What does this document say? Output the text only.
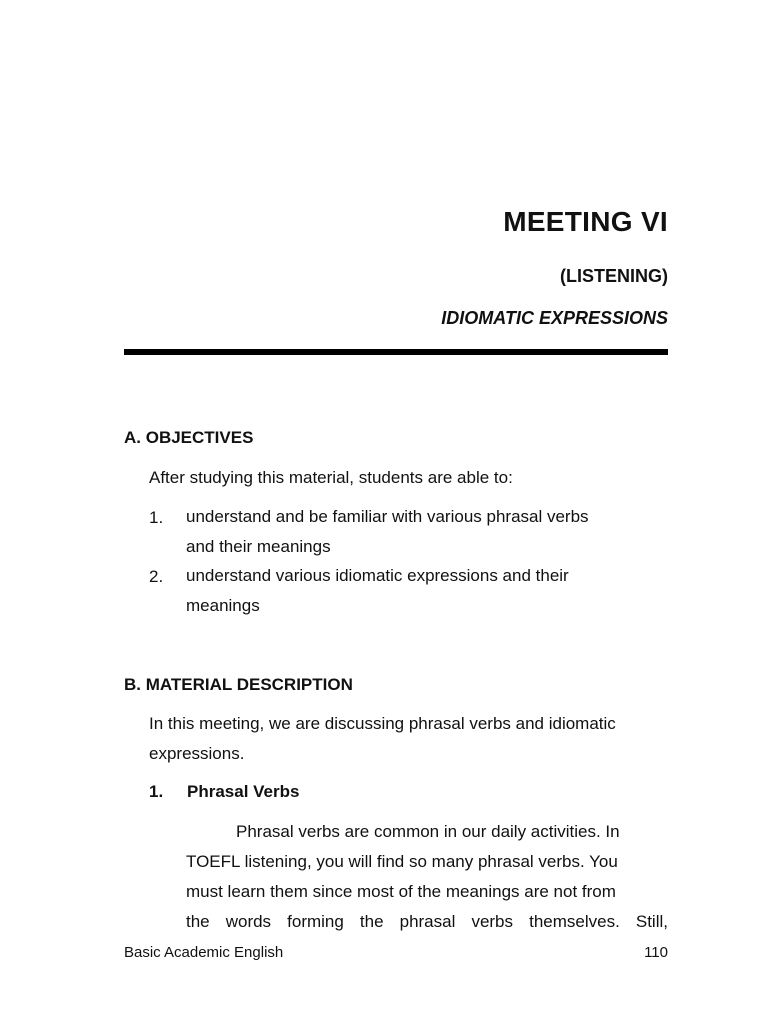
MEETING VI
(LISTENING)
IDIOMATIC EXPRESSIONS
A. OBJECTIVES
After studying this material, students are able to:
1. understand and be familiar with various phrasal verbs
and their meanings
2. understand various idiomatic expressions and their
meanings
B. MATERIAL DESCRIPTION
In this meeting, we are discussing phrasal verbs and idiomatic
expressions.
1. Phrasal Verbs
Phrasal verbs are common in our daily activities. In
TOEFL listening, you will find so many phrasal verbs. You
must learn them since most of the meanings are not from
the words forming the phrasal verbs themselves. Still,
Basic Academic English	110
